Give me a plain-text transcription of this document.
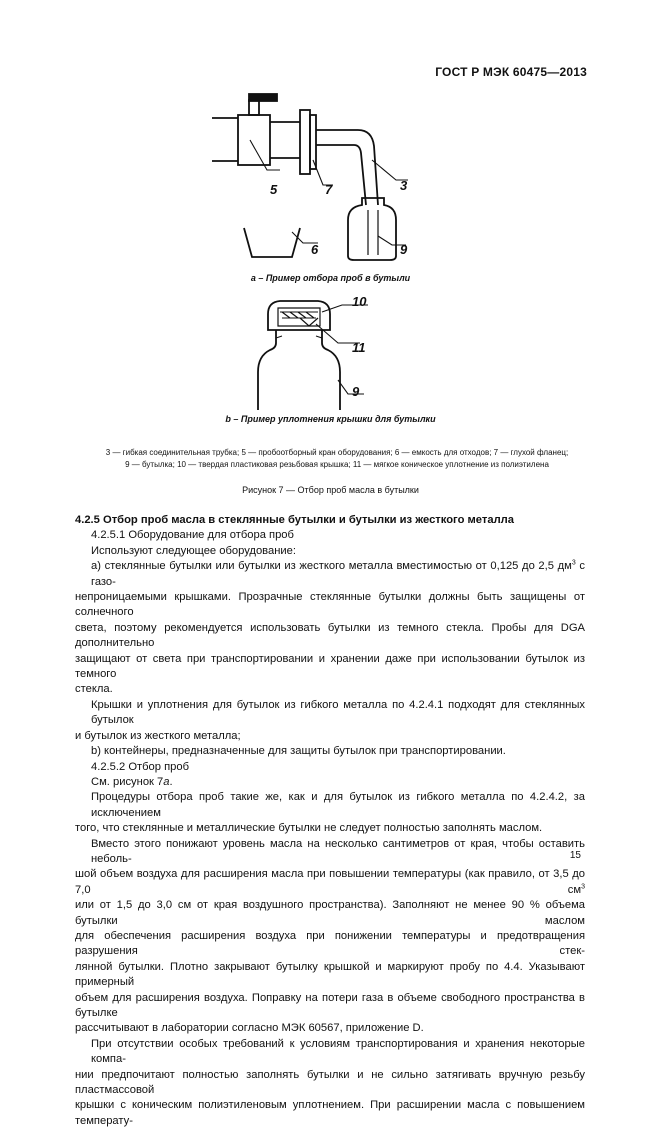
ГОСТ Р МЭК 60475—2013
5	7	3
6	9
10
11
9
а – Пример отбора проб в бутыли
b – Пример уплотнения крышки для бутылки
3 — гибкая соединительная трубка; 5 — пробоотборный кран оборудования; 6 — емкость для отходов; 7 — глухой фланец;
9 — бутылка; 10 — твердая пластиковая резьбовая крышка; 11 — мягкое коническое уплотнение из полиэтилена
Рисунок 7 — Отбор проб масла в бутылки

4.2.5 Отбор проб масла в стеклянные бутылки и бутылки из жесткого металла

4.2.5.1 Оборудование для отбора проб

Используют следующее оборудование:

a) стеклянные бутылки или бутылки из жесткого металла вместимостью от 0,125 до 2,5 $дм^3$ с газо-

непроницаемыми крышками. Прозрачные стеклянные бутылки должны быть защищены от солнечного

света, поэтому рекомендуется использовать бутылки из темного стекла. Пробы для DGA дополнительно

защищают от света при транспортировании и хранении даже при использовании бутылок из темного

стекла.

Крышки и уплотнения для бутылок из гибкого металла по 4.2.4.1 подходят для стеклянных бутылок

и бутылок из жесткого металла;

b) контейнеры, предназначенные для защиты бутылок при транспортировании.

4.2.5.2 Отбор проб

См. рисунок 7а.

Процедуры отбора проб такие же, как и для бутылок из гибкого металла по 4.2.4.2, за исключением

того, что стеклянные и металлические бутылки не следует полностью заполнять маслом.

Вместо этого понижают уровень масла на несколько сантиметров от края, чтобы оставить неболь-

шой объем воздуха для расширения масла при повышении температуры (как правило, от 3,5 до 7,0 $см^3$

или от 1,5 до 3,0 см от края воздушного пространства). Заполняют не менее 90 % объема бутылки маслом

для обеспечения расширения воздуха при понижении температуры и предотвращения разрушения стек-

лянной бутылки. Плотно закрывают бутылку крышкой и маркируют пробу по 4.4. Указывают примерный

объем для расширения воздуха. Поправку на потери газа в объеме свободного пространства в бутылке

рассчитывают в лаборатории согласно МЭК 60567, приложение D.

При отсутствии особых требований к условиям транспортирования и хранения некоторые компа-

нии предпочитают полностью заполнять бутылки и не сильно затягивать вручную резьбу пластмассовой

крышки с коническим полиэтиленовым уплотнением. При расширении масла с повышением температу-

15
